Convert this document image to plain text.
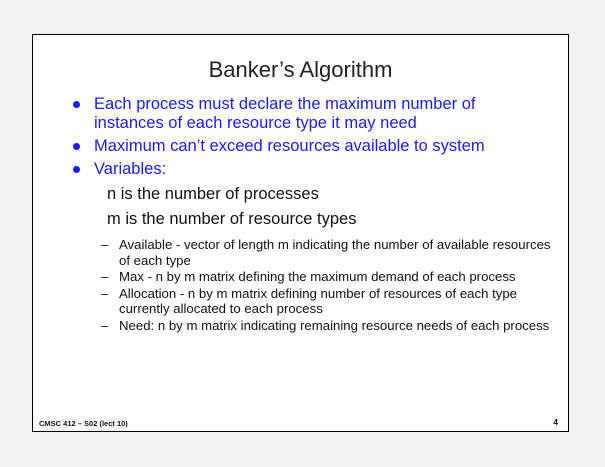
Banker’s Algorithm
Each process must declare the maximum number of instances of each resource type it may need
Maximum can’t exceed resources available to system
Variables:
n is the number of processes
m is the number of resource types
– Available - vector of length m indicating the number of available resources of each type
– Max - n by m matrix defining the maximum demand of each process
– Allocation - n by m matrix defining number of resources of each type currently allocated to each process
– Need: n by m matrix indicating remaining resource needs of each process
CMSC 412 – S02 (lect 10)	4
